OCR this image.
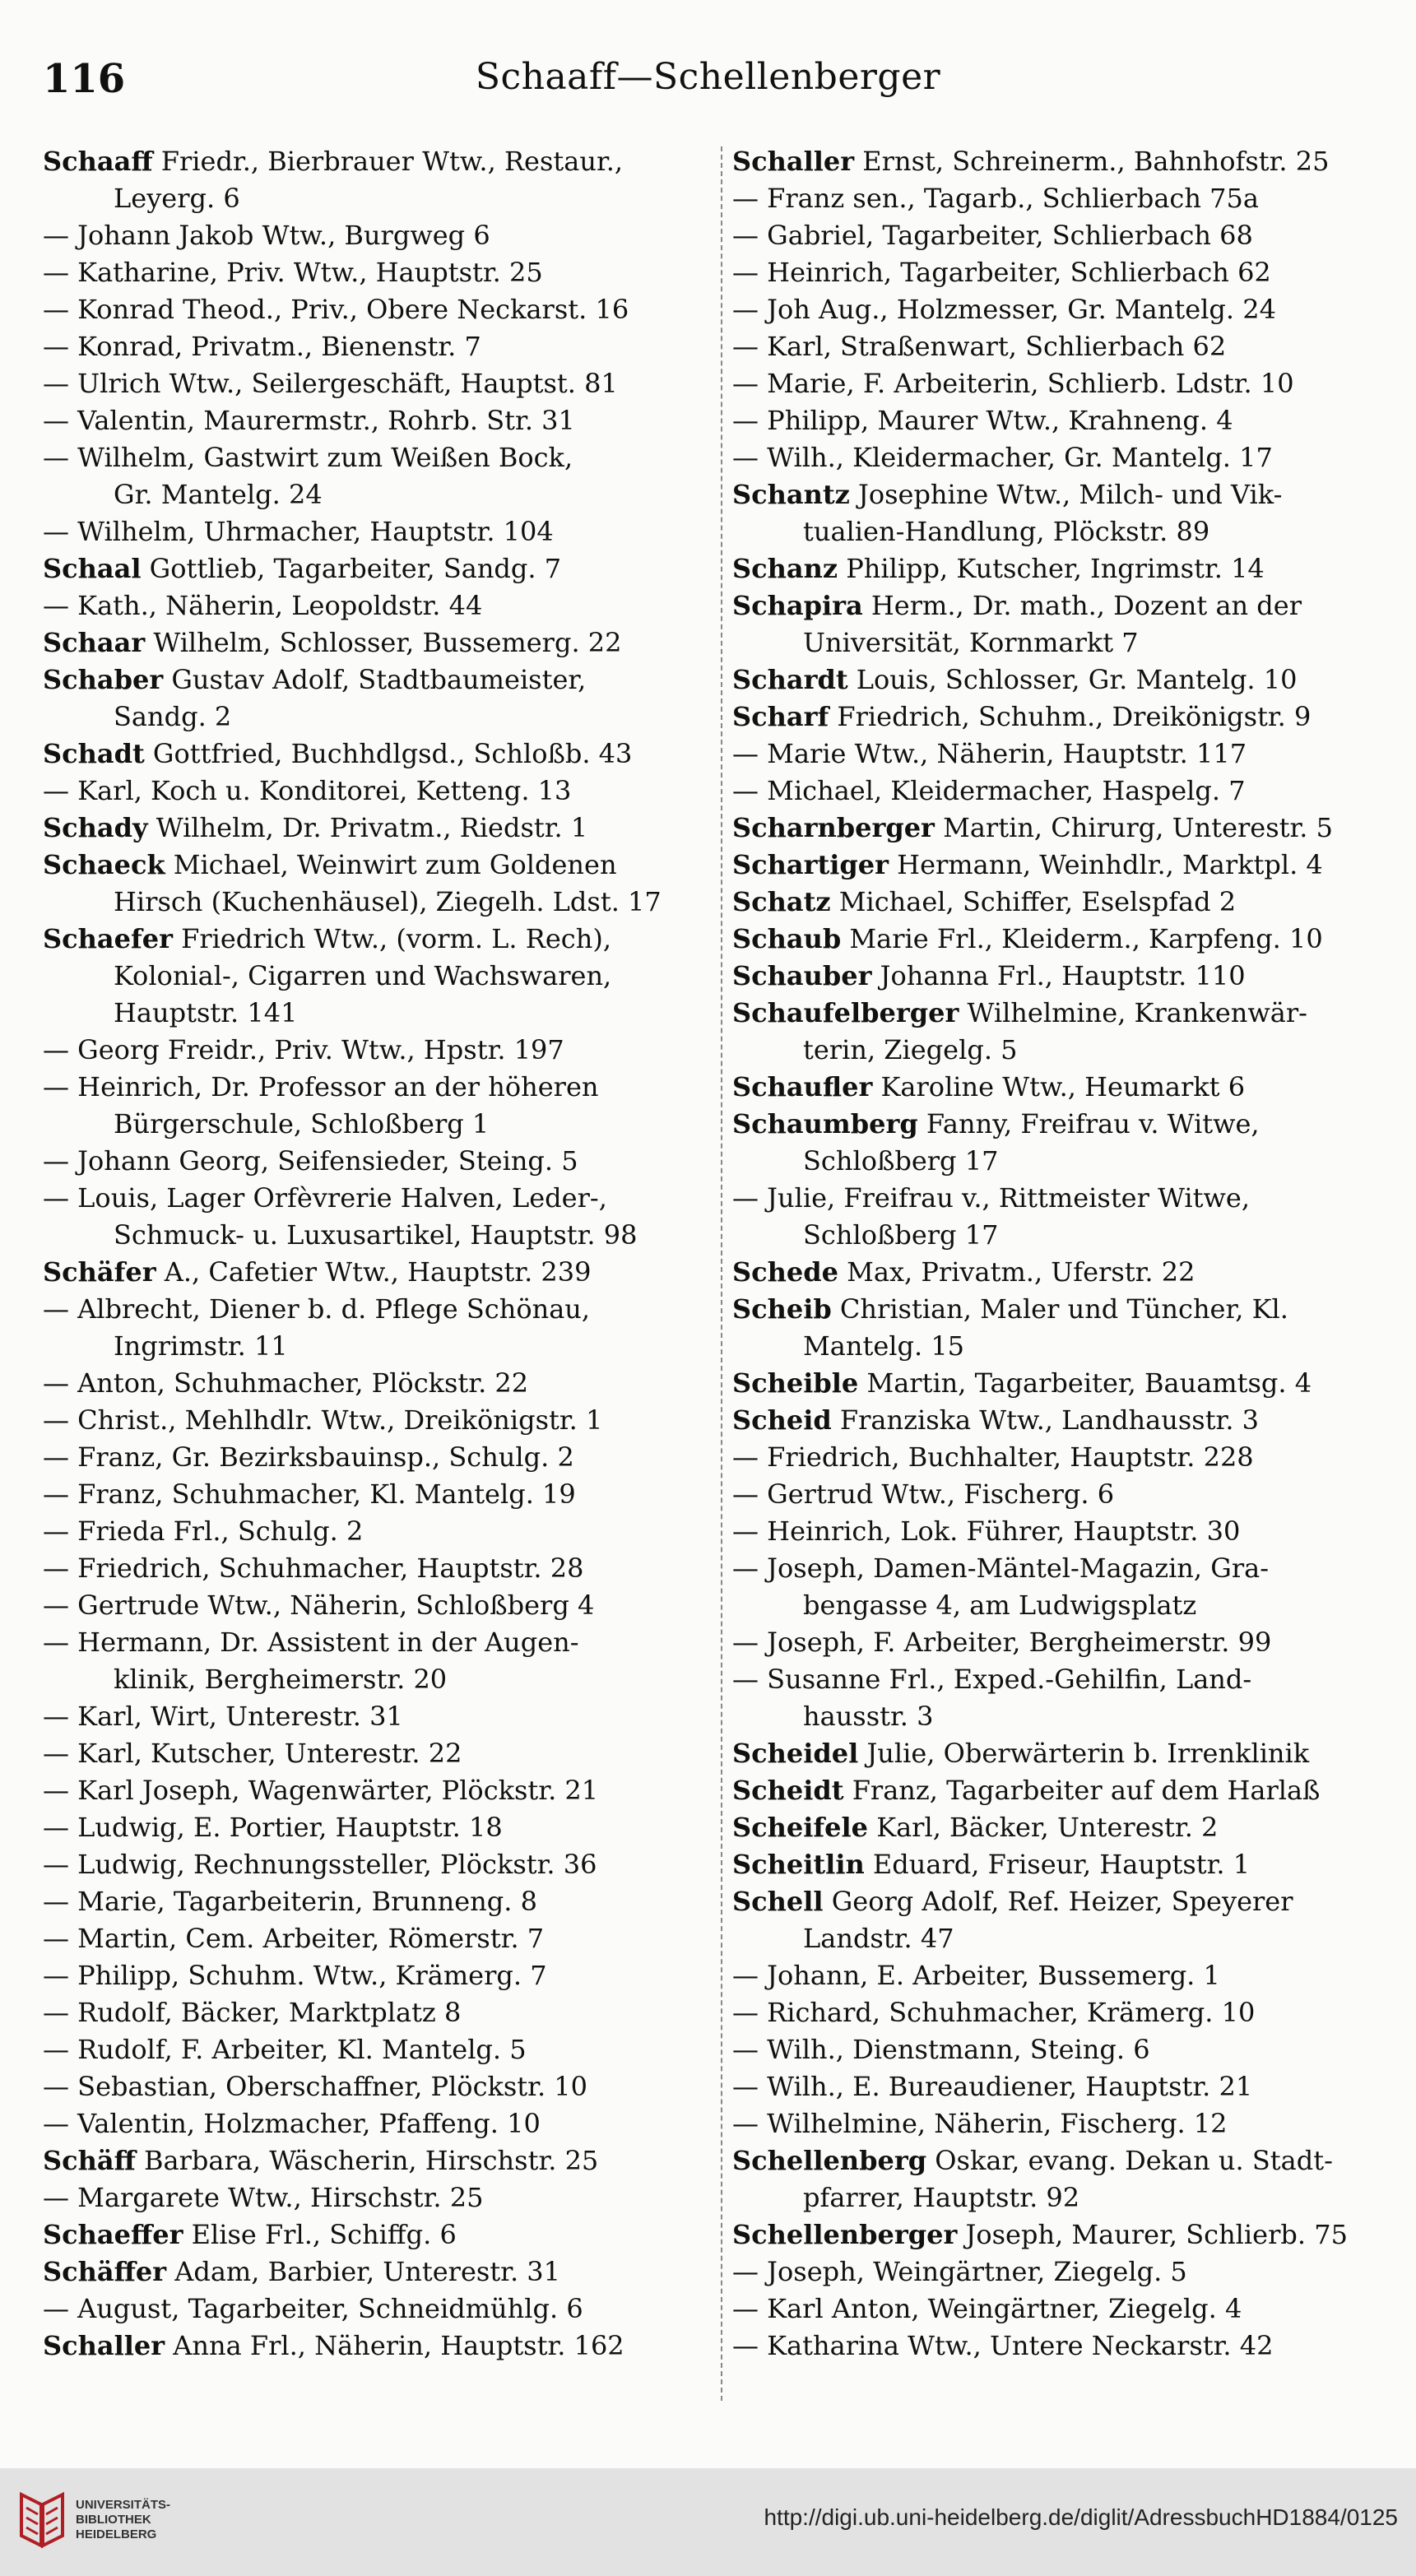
116	Schaaff—Schellenberger
Schaaff Friedr., Bierbrauer Wtw., Restaur.,
Leyerg. 6
— Johann Jakob Wtw., Burgweg 6
— Katharine, Priv. Wtw., Hauptstr. 25
— Konrad Theod., Priv., Obere Neckarst. 16
— Konrad, Privatm., Bienenstr. 7
— Ulrich Wtw., Seilergeschäft, Hauptst. 81
— Valentin, Maurermstr., Rohrb. Str. 31
— Wilhelm, Gastwirt zum Weißen Bock,
Gr. Mantelg. 24
— Wilhelm, Uhrmacher, Hauptstr. 104
Schaal Gottlieb, Tagarbeiter, Sandg. 7
— Kath., Näherin, Leopoldstr. 44
Schaar Wilhelm, Schlosser, Bussemerg. 22
Schaber Gustav Adolf, Stadtbaumeister,
Sandg. 2
Schadt Gottfried, Buchhdlgsd., Schloßb. 43
— Karl, Koch u. Konditorei, Ketteng. 13
Schady Wilhelm, Dr. Privatm., Riedstr. 1
Schaeck Michael, Weinwirt zum Goldenen
Hirsch (Kuchenhäusel), Ziegelh. Ldst. 17
Schaefer Friedrich Wtw., (vorm. L. Rech),
Kolonial-, Cigarren und Wachswaren,
Hauptstr. 141
— Georg Freidr., Priv. Wtw., Hpstr. 197
— Heinrich, Dr. Professor an der höheren
Bürgerschule, Schloßberg 1
— Johann Georg, Seifensieder, Steing. 5
— Louis, Lager Orfèvrerie Halven, Leder-,
Schmuck- u. Luxusartikel, Hauptstr. 98
Schäfer A., Cafetier Wtw., Hauptstr. 239
— Albrecht, Diener b. d. Pflege Schönau,
Ingrimstr. 11
— Anton, Schuhmacher, Plöckstr. 22
— Christ., Mehlhdlr. Wtw., Dreikönigstr. 1
— Franz, Gr. Bezirksbauinsp., Schulg. 2
— Franz, Schuhmacher, Kl. Mantelg. 19
— Frieda Frl., Schulg. 2
— Friedrich, Schuhmacher, Hauptstr. 28
— Gertrude Wtw., Näherin, Schloßberg 4
— Hermann, Dr. Assistent in der Augen-
klinik, Bergheimerstr. 20
— Karl, Wirt, Unterestr. 31
— Karl, Kutscher, Unterestr. 22
— Karl Joseph, Wagenwärter, Plöckstr. 21
— Ludwig, E. Portier, Hauptstr. 18
— Ludwig, Rechnungssteller, Plöckstr. 36
— Marie, Tagarbeiterin, Brunneng. 8
— Martin, Cem. Arbeiter, Römerstr. 7
— Philipp, Schuhm. Wtw., Krämerg. 7
— Rudolf, Bäcker, Marktplatz 8
— Rudolf, F. Arbeiter, Kl. Mantelg. 5
— Sebastian, Oberschaffner, Plöckstr. 10
— Valentin, Holzmacher, Pfaffeng. 10
Schäff Barbara, Wäscherin, Hirschstr. 25
— Margarete Wtw., Hirschstr. 25
Schaeffer Elise Frl., Schiffg. 6
Schäffer Adam, Barbier, Unterestr. 31
— August, Tagarbeiter, Schneidmühlg. 6
Schaller Anna Frl., Näherin, Hauptstr. 162
Schaller Ernst, Schreinerm., Bahnhofstr. 25
— Franz sen., Tagarb., Schlierbach 75a
— Gabriel, Tagarbeiter, Schlierbach 68
— Heinrich, Tagarbeiter, Schlierbach 62
— Joh Aug., Holzmesser, Gr. Mantelg. 24
— Karl, Straßenwart, Schlierbach 62
— Marie, F. Arbeiterin, Schlierb. Ldstr. 10
— Philipp, Maurer Wtw., Krahneng. 4
— Wilh., Kleidermacher, Gr. Mantelg. 17
Schantz Josephine Wtw., Milch- und Vik-
tualien-Handlung, Plöckstr. 89
Schanz Philipp, Kutscher, Ingrimstr. 14
Schapira Herm., Dr. math., Dozent an der
Universität, Kornmarkt 7
Schardt Louis, Schlosser, Gr. Mantelg. 10
Scharf Friedrich, Schuhm., Dreikönigstr. 9
— Marie Wtw., Näherin, Hauptstr. 117
— Michael, Kleidermacher, Haspelg. 7
Scharnberger Martin, Chirurg, Unterestr. 5
Schartiger Hermann, Weinhdlr., Marktpl. 4
Schatz Michael, Schiffer, Eselspfad 2
Schaub Marie Frl., Kleiderm., Karpfeng. 10
Schauber Johanna Frl., Hauptstr. 110
Schaufelberger Wilhelmine, Krankenwär-
terin, Ziegelg. 5
Schaufler Karoline Wtw., Heumarkt 6
Schaumberg Fanny, Freifrau v. Witwe,
Schloßberg 17
— Julie, Freifrau v., Rittmeister Witwe,
Schloßberg 17
Schede Max, Privatm., Uferstr. 22
Scheib Christian, Maler und Tüncher, Kl.
Mantelg. 15
Scheible Martin, Tagarbeiter, Bauamtsg. 4
Scheid Franziska Wtw., Landhausstr. 3
— Friedrich, Buchhalter, Hauptstr. 228
— Gertrud Wtw., Fischerg. 6
— Heinrich, Lok. Führer, Hauptstr. 30
— Joseph, Damen-Mäntel-Magazin, Gra-
bengasse 4, am Ludwigsplatz
— Joseph, F. Arbeiter, Bergheimerstr. 99
— Susanne Frl., Exped.-Gehilfin, Land-
hausstr. 3
Scheidel Julie, Oberwärterin b. Irrenklinik
Scheidt Franz, Tagarbeiter auf dem Harlaß
Scheifele Karl, Bäcker, Unterestr. 2
Scheitlin Eduard, Friseur, Hauptstr. 1
Schell Georg Adolf, Ref. Heizer, Speyerer
Landstr. 47
— Johann, E. Arbeiter, Bussemerg. 1
— Richard, Schuhmacher, Krämerg. 10
— Wilh., Dienstmann, Steing. 6
— Wilh., E. Bureaudiener, Hauptstr. 21
— Wilhelmine, Näherin, Fischerg. 12
Schellenberg Oskar, evang. Dekan u. Stadt-
pfarrer, Hauptstr. 92
Schellenberger Joseph, Maurer, Schlierb. 75
— Joseph, Weingärtner, Ziegelg. 5
— Karl Anton, Weingärtner, Ziegelg. 4
— Katharina Wtw., Untere Neckarstr. 42
UNIVERSITÄTS-
BIBLIOTHEK
HEIDELBERG
http://digi.ub.uni-heidelberg.de/diglit/AdressbuchHD1884/0125
